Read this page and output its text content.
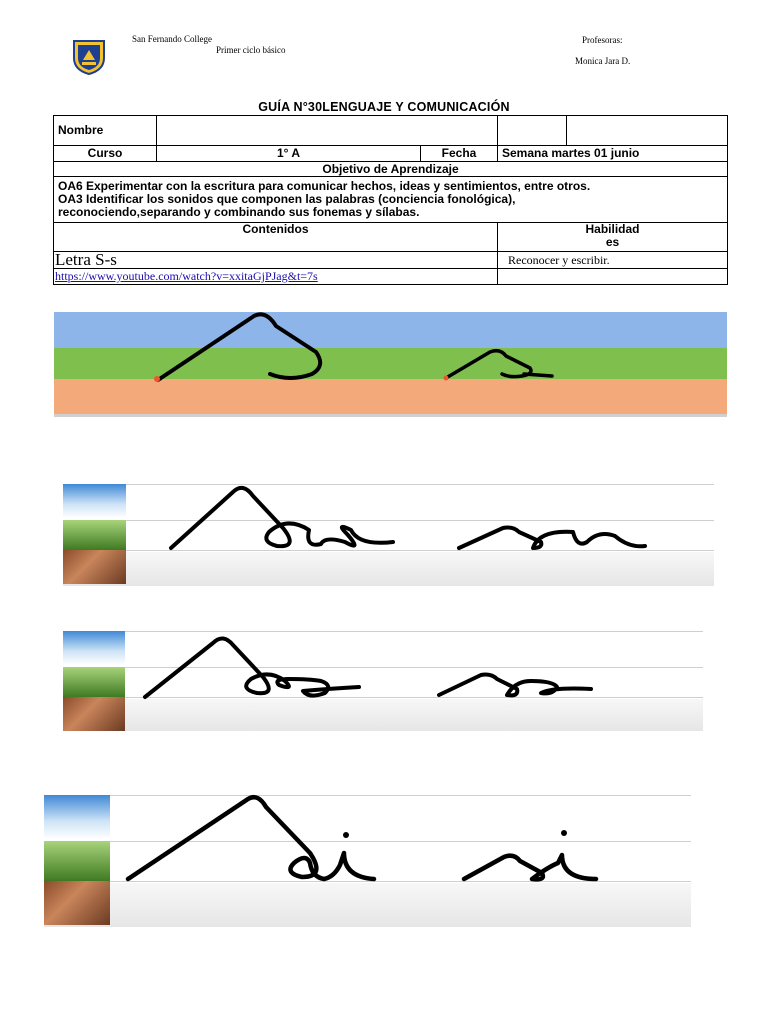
San Fernando College
Primer ciclo básico
Profesoras:
Monica Jara D.
GUÍA N°30LENGUAJE Y COMUNICACIÓN
Nombre				
Curso	1° A	Fecha	Semana martes 01 junio	
Objetivo de Aprendizaje				

OA6 Experimentar con la escritura para comunicar hechos, ideas y sentimientos, entre otros.
OA3 Identificar los sonidos que componen las palabras (conciencia fonológica),
reconociendo,separando y combinando sus fonemas y sílabas.				

Contenidos			Habilidad
es	

Letra S-s			Reconocer y escribir.	
https://www.youtube.com/watch?v=xxitaGjPJag&t=7s				
